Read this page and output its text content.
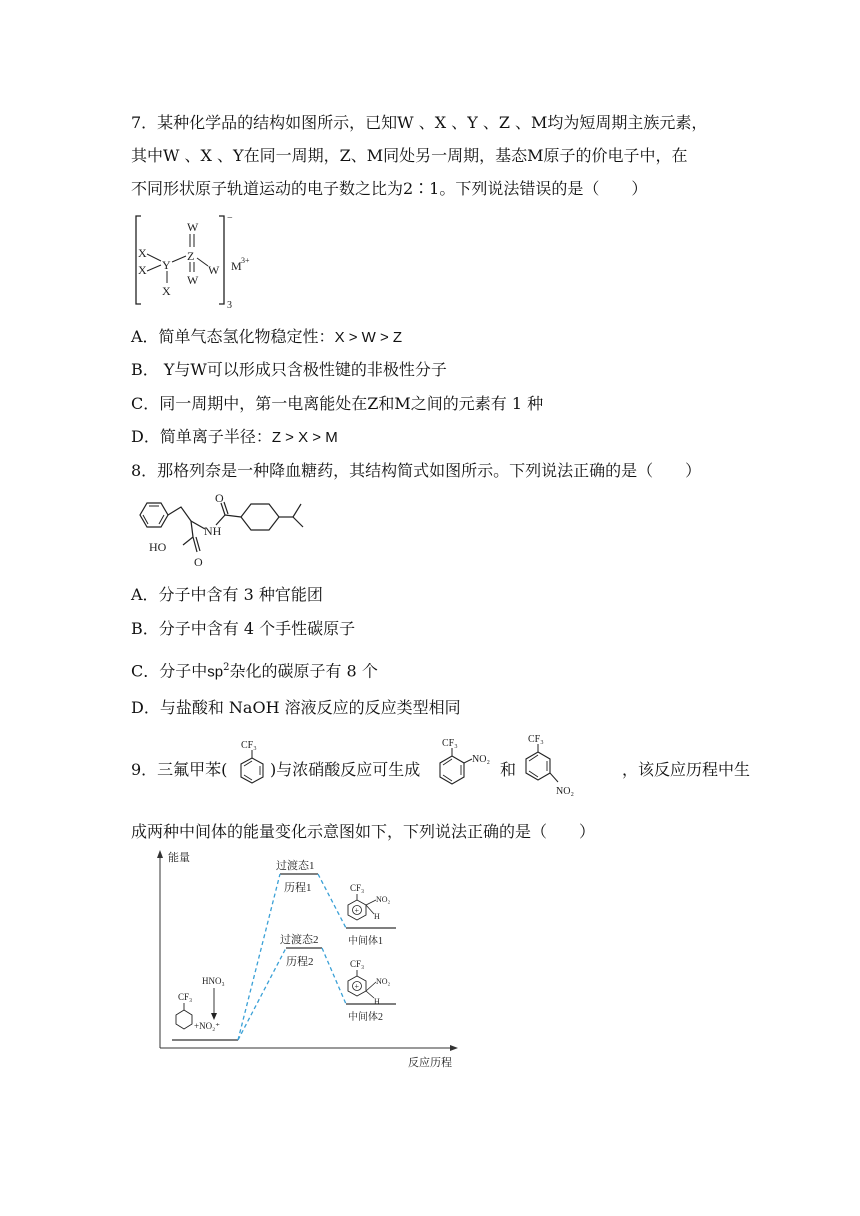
7．某种化学品的结构如图所示，已知W 、X 、Y 、Z 、M均为短周期主族元素，
其中W 、X 、Y在同一周期，Z、M同处另一周期，基态M原子的价电子中，在
不同形状原子轨道运动的电子数之比为2∶1。下列说法错误的是（　　）
−
3
X
X Y
X
W
Z
W
W
M 3+
A．简单气态氢化物稳定性：X > W > Z
B． Y与W可以形成只含极性键的非极性分子
C．同一周期中，第一电离能处在Z和M之间的元素有 1 种
D．简单离子半径：Z > X > M
8．那格列奈是一种降血糖药，其结构简式如图所示。下列说法正确的是（　　）
HO
O
NH
O
A．分子中含有 3 种官能团
B．分子中含有 4 个手性碳原子
C．分子中$sp^2$杂化的碳原子有 8 个
D．与盐酸和 NaOH 溶液反应的反应类型相同
9．三氟甲苯(
CF₃
)与浓硝酸反应可生成
CF₃
NO₂
和
CF₃
NO₂
，该反应历程中生
成两种中间体的能量变化示意图如下，下列说法正确的是（　　）
能量
反应历程
过渡态1
历程1
过渡态2
历程2
中间体1
中间体2
CF₃
+NO₂⁺
HNO₃
CF₃
+
NO₂
H
CF₃
+
NO₂
H
